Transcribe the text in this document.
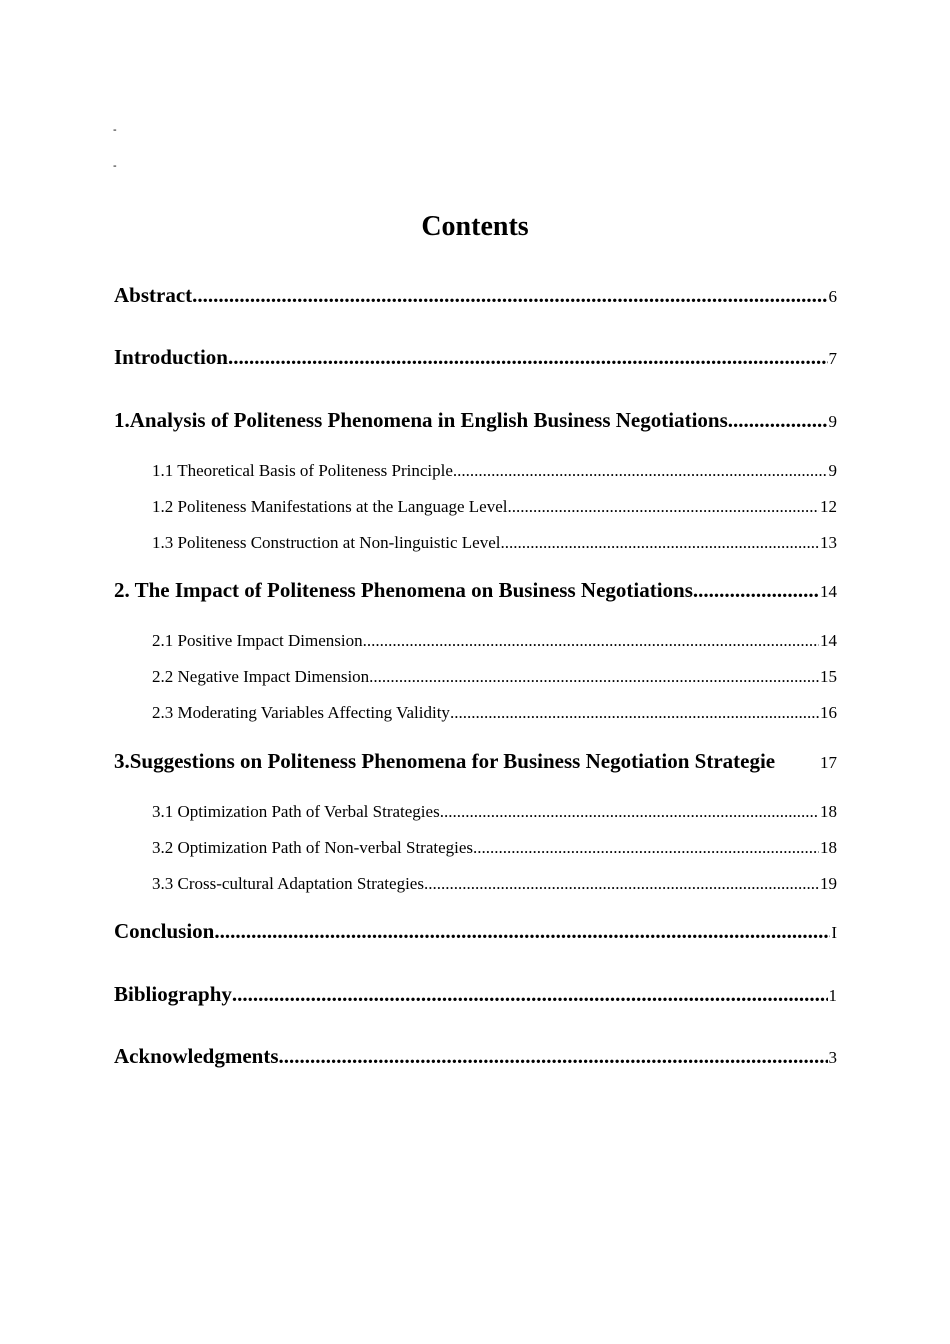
-
-
Contents
Abstract .....	6
Introduction .....	7
1.Analysis of Politeness Phenomena in English Business Negotiations .....	9
1.1 Theoretical Basis of Politeness Principle .....	9
1.2 Politeness Manifestations at the Language Level .....	12
1.3 Politeness Construction at Non-linguistic Level .....	13
2. The Impact of Politeness Phenomena on Business Negotiations .....	14
2.1 Positive Impact Dimension .....	14
2.2 Negative Impact Dimension .....	15
2.3 Moderating Variables Affecting Validity .....	16
3.Suggestions on Politeness Phenomena for Business Negotiation Strategie	17
3.1 Optimization Path of Verbal Strategies .....	18
3.2 Optimization Path of Non-verbal Strategies .....	18
3.3 Cross-cultural Adaptation Strategies .....	19
Conclusion .....	I
Bibliography .....	1
Acknowledgments .....	3
